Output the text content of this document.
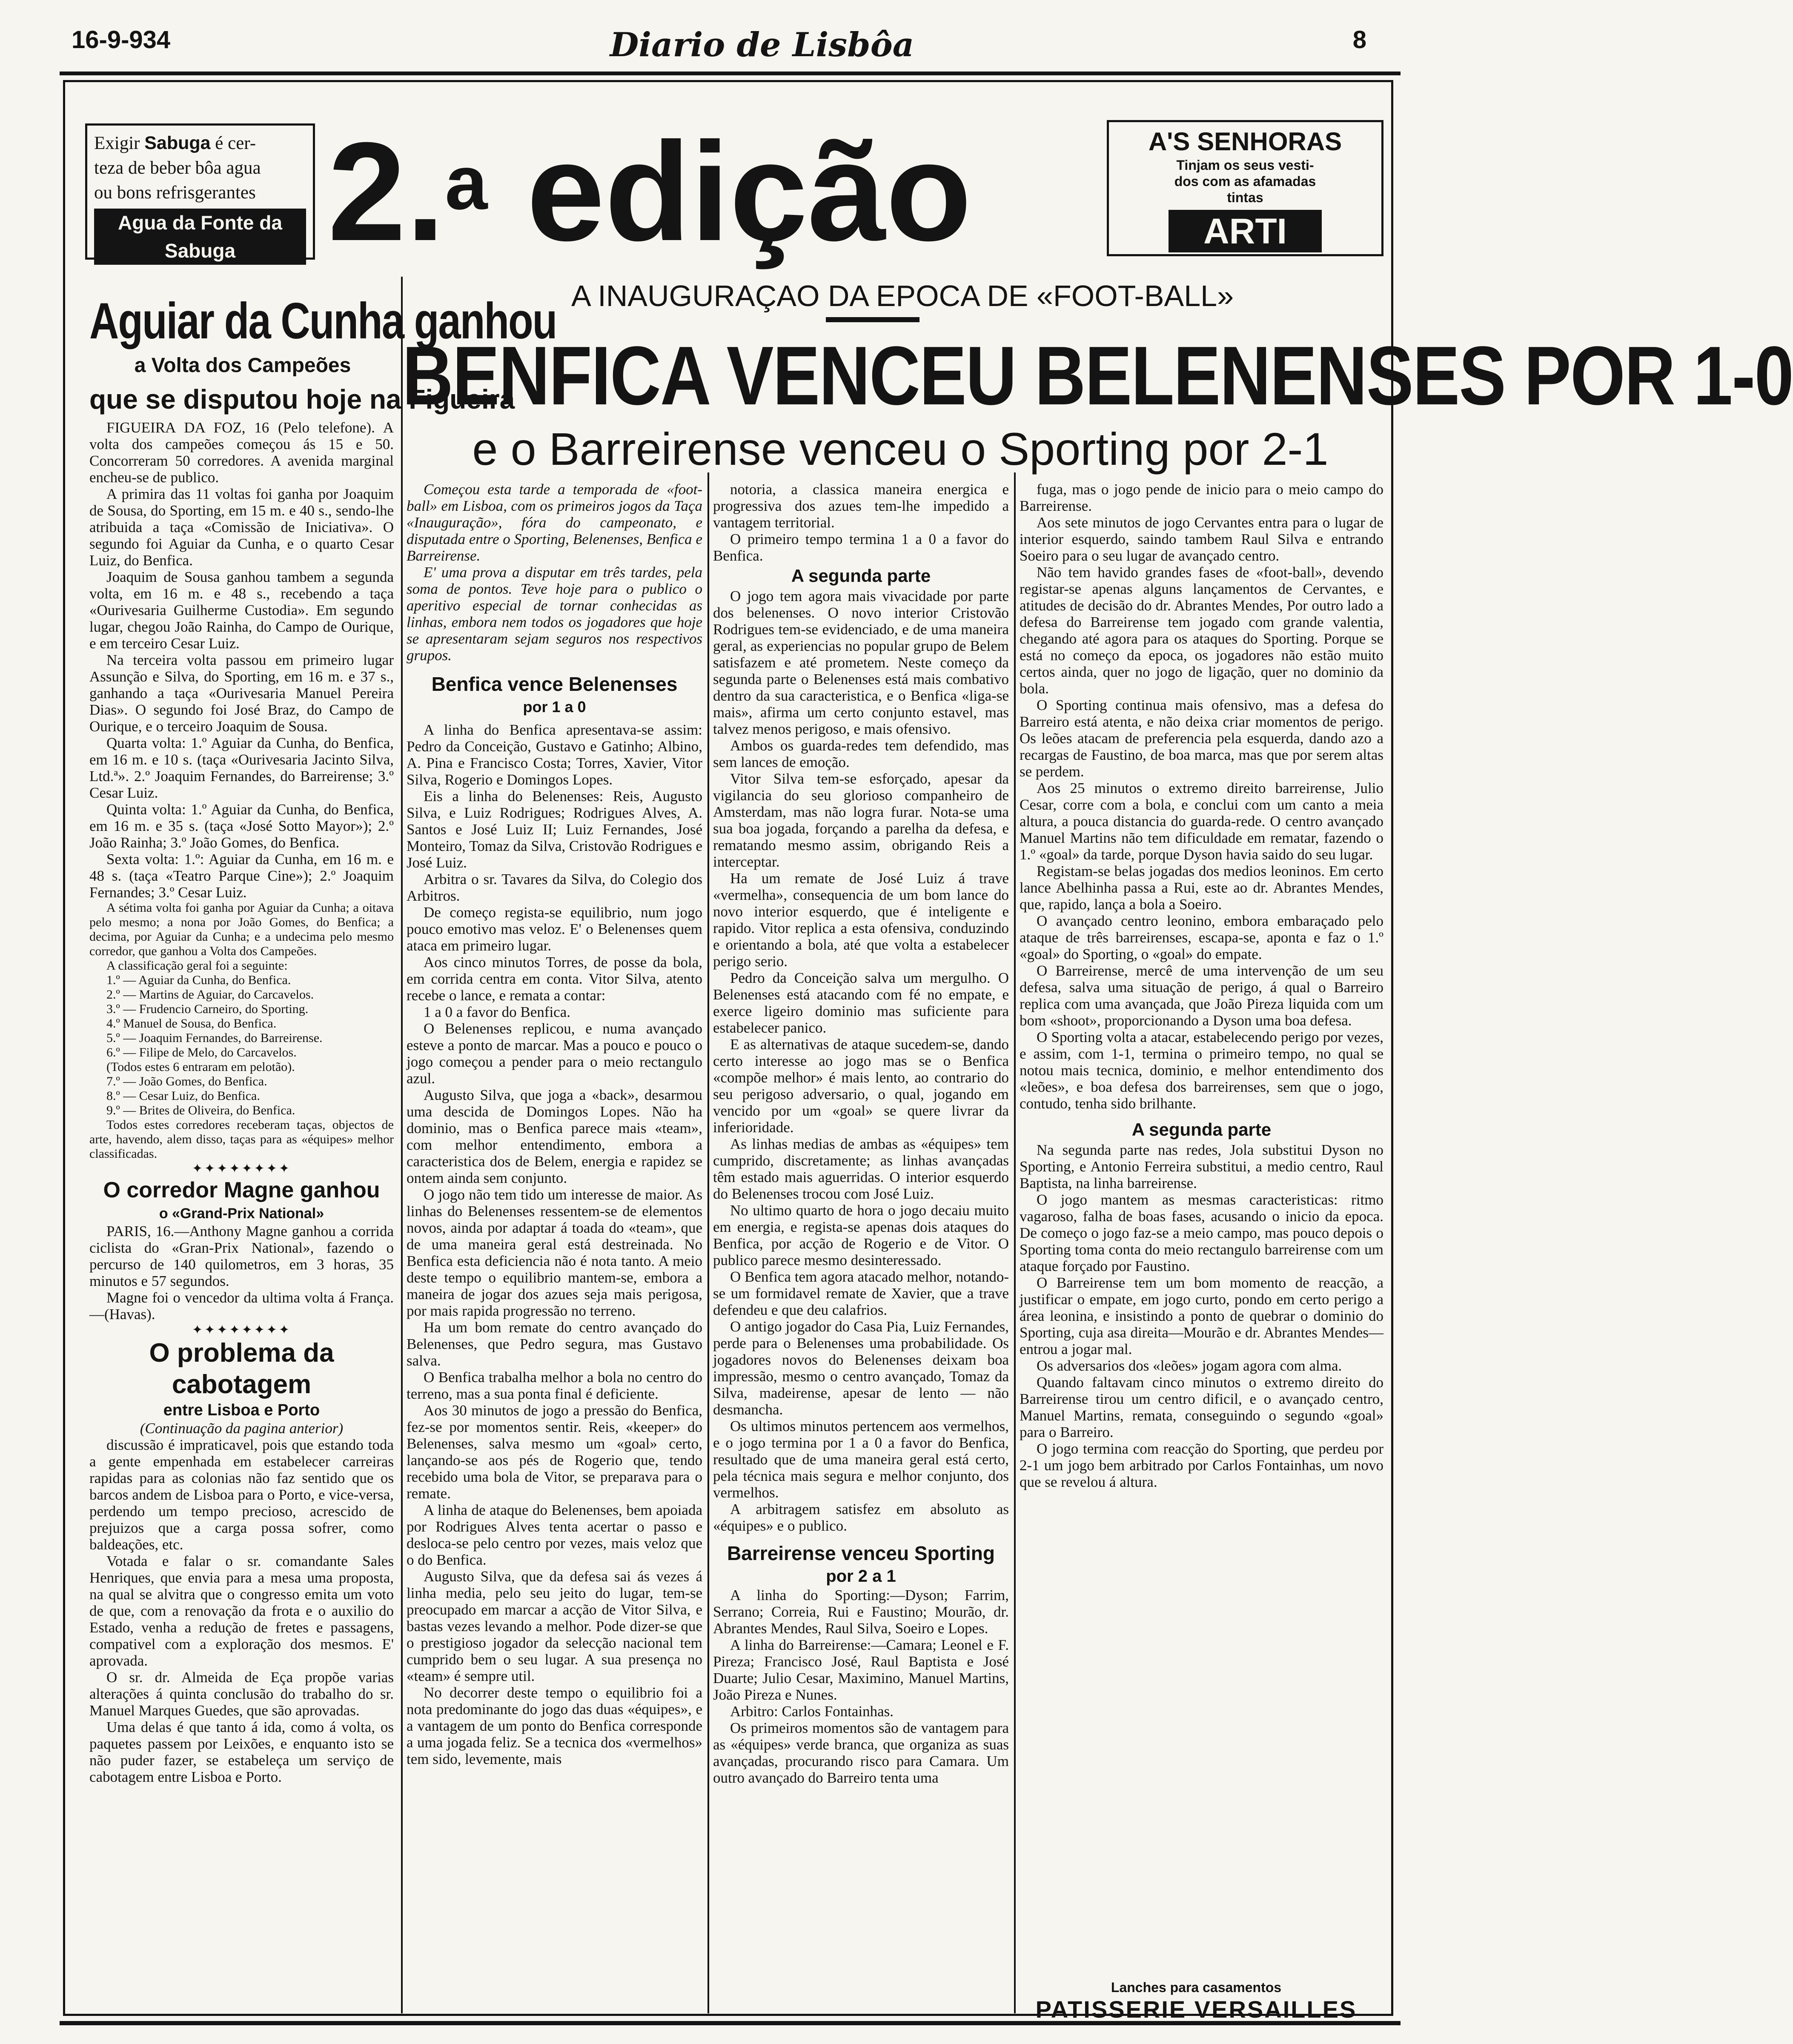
16-9-934	Diario de Lisbôa	8
Exigir Sabuga é cer-
teza de beber bôa agua
ou bons refrisgerantes
Agua da Fonte da Sabuga 2.$^a$ edição	A'S SENHORAS
Tinjam os seus vesti-
dos com as afamadas
tintas
ARTI
A INAUGURAÇAO DA EPOCA DE «FOOT-BALL»
BENFICA VENCEU BELENENSES POR 1-0
e o Barreirense venceu o Sporting por 2-1
Aguiar da Cunha ganhou
a Volta dos Campeões
que se disputou hoje na Figueira

FIGUEIRA DA FOZ, 16 (Pelo telefone). A volta dos campeões começou ás 15 e 50. Concorreram 50 corredores. A avenida marginal encheu-se de publico.

A primira das 11 voltas foi ganha por Joaquim de Sousa, do Sporting, em 15 m. e 40 s., sendo-lhe atribuida a taça «Comissão de Iniciativa». O segundo foi Aguiar da Cunha, e o quarto Cesar Luiz, do Benfica.

Joaquim de Sousa ganhou tambem a segunda volta, em 16 m. e 48 s., recebendo a taça «Ourivesaria Guilherme Custodia». Em segundo lugar, chegou João Rainha, do Campo de Ourique, e em terceiro Cesar Luiz.

Na terceira volta passou em primeiro lugar Assunção e Silva, do Sporting, em 16 m. e 37 s., ganhando a taça «Ourivesaria Manuel Pereira Dias». O segundo foi José Braz, do Campo de Ourique, e o terceiro Joaquim de Sousa.

Quarta volta: 1.º Aguiar da Cunha, do Benfica, em 16 m. e 10 s. (taça «Ourivesaria Jacinto Silva, Ltd.ª». 2.º Joaquim Fernandes, do Barreirense; 3.º Cesar Luiz.

Quinta volta: 1.º Aguiar da Cunha, do Benfica, em 16 m. e 35 s. (taça «José Sotto Mayor»); 2.º João Rainha; 3.º João Gomes, do Benfica.

Sexta volta: 1.º: Aguiar da Cunha, em 16 m. e 48 s. (taça «Teatro Parque Cine»); 2.º Joaquim Fernandes; 3.º Cesar Luiz.

A sétima volta foi ganha por Aguiar da Cunha; a oitava pelo mesmo; a nona por João Gomes, do Benfica; a decima, por Aguiar da Cunha; e a undecima pelo mesmo corredor, que ganhou a Volta dos Campeões.

A classificação geral foi a seguinte:

1.º — Aguiar da Cunha, do Benfica.

2.º — Martins de Aguiar, do Carcavelos.

3.º — Frudencio Carneiro, do Sporting.

4.º Manuel de Sousa, do Benfica.

5.º — Joaquim Fernandes, do Barreirense.

6.º — Filipe de Melo, do Carcavelos.

(Todos estes 6 entraram em pelotão).

7.º — João Gomes, do Benfica.

8.º — Cesar Luiz, do Benfica.

9.º — Brites de Oliveira, do Benfica.

Todos estes corredores receberam taças, objectos de arte, havendo, alem disso, taças para as «équipes» melhor classificadas.

✦✦✦✦✦✦✦✦
O corredor Magne ganhou
o «Grand-Prix National»

PARIS, 16.—Anthony Magne ganhou a corrida ciclista do «Gran-Prix National», fazendo o percurso de 140 quilometros, em 3 horas, 35 minutos e 57 segundos.

Magne foi o vencedor da ultima volta á França.—(Havas).

✦✦✦✦✦✦✦✦
O problema da cabotagem
entre Lisboa e Porto

(Continuação da pagina anterior)

discussão é impraticavel, pois que estando toda a gente empenhada em estabelecer carreiras rapidas para as colonias não faz sentido que os barcos andem de Lisboa para o Porto, e vice-versa, perdendo um tempo precioso, acrescido de prejuizos que a carga possa sofrer, como baldeações, etc.

Votada e falar o sr. comandante Sales Henriques, que envia para a mesa uma proposta, na qual se alvitra que o congresso emita um voto de que, com a renovação da frota e o auxilio do Estado, venha a redução de fretes e passagens, compativel com a exploração dos mesmos. E' aprovada.

O sr. dr. Almeida de Eça propõe varias alterações á quinta conclusão do trabalho do sr. Manuel Marques Guedes, que são aprovadas.

Uma delas é que tanto á ida, como á volta, os paquetes passem por Leixões, e enquanto isto se não puder fazer, se estabeleça um serviço de cabotagem entre Lisboa e Porto.

Começou esta tarde a temporada de «foot-ball» em Lisboa, com os primeiros jogos da Taça «Inauguração», fóra do campeonato, e disputada entre o Sporting, Belenenses, Benfica e Barreirense.

E' uma prova a disputar em três tardes, pela soma de pontos. Teve hoje para o publico o aperitivo especial de tornar conhecidas as linhas, embora nem todos os jogadores que hoje se apresentaram sejam seguros nos respectivos grupos.

Benfica vence Belenenses
por 1 a 0

A linha do Benfica apresentava-se assim: Pedro da Conceição, Gustavo e Gatinho; Albino, A. Pina e Francisco Costa; Torres, Xavier, Vitor Silva, Rogerio e Domingos Lopes.

Eis a linha do Belenenses: Reis, Augusto Silva, e Luiz Rodrigues; Rodrigues Alves, A. Santos e José Luiz II; Luiz Fernandes, José Monteiro, Tomaz da Silva, Cristovão Rodrigues e José Luiz.

Arbitra o sr. Tavares da Silva, do Colegio dos Arbitros.

De começo regista-se equilibrio, num jogo pouco emotivo mas veloz. E' o Belenenses quem ataca em primeiro lugar.

Aos cinco minutos Torres, de posse da bola, em corrida centra em conta. Vitor Silva, atento recebe o lance, e remata a contar:

1 a 0 a favor do Benfica.

O Belenenses replicou, e numa avançado esteve a ponto de marcar. Mas a pouco e pouco o jogo começou a pender para o meio rectangulo azul.

Augusto Silva, que joga a «back», desarmou uma descida de Domingos Lopes. Não ha dominio, mas o Benfica parece mais «team», com melhor entendimento, embora a caracteristica dos de Belem, energia e rapidez se ontem ainda sem conjunto.

O jogo não tem tido um interesse de maior. As linhas do Belenenses ressentem-se de elementos novos, ainda por adaptar á toada do «team», que de uma maneira geral está destreinada. No Benfica esta deficiencia não é nota tanto. A meio deste tempo o equilibrio mantem-se, embora a maneira de jogar dos azues seja mais perigosa, por mais rapida progressão no terreno.

Ha um bom remate do centro avançado do Belenenses, que Pedro segura, mas Gustavo salva.

O Benfica trabalha melhor a bola no centro do terreno, mas a sua ponta final é deficiente.

Aos 30 minutos de jogo a pressão do Benfica, fez-se por momentos sentir. Reis, «keeper» do Belenenses, salva mesmo um «goal» certo, lançando-se aos pés de Rogerio que, tendo recebido uma bola de Vitor, se preparava para o remate.

A linha de ataque do Belenenses, bem apoiada por Rodrigues Alves tenta acertar o passo e desloca-se pelo centro por vezes, mais veloz que o do Benfica.

Augusto Silva, que da defesa sai ás vezes á linha media, pelo seu jeito do lugar, tem-se preocupado em marcar a acção de Vitor Silva, e bastas vezes levando a melhor. Pode dizer-se que o prestigioso jogador da selecção nacional tem cumprido bem o seu lugar. A sua presença no «team» é sempre util.

No decorrer deste tempo o equilibrio foi a nota predominante do jogo das duas «équipes», e a vantagem de um ponto do Benfica corresponde a uma jogada feliz. Se a tecnica dos «vermelhos» tem sido, levemente, mais

notoria, a classica maneira energica e progressiva dos azues tem-lhe impedido a vantagem territorial.

O primeiro tempo termina 1 a 0 a favor do Benfica.

A segunda parte

O jogo tem agora mais vivacidade por parte dos belenenses. O novo interior Cristovão Rodrigues tem-se evidenciado, e de uma maneira geral, as experiencias no popular grupo de Belem satisfazem e até prometem. Neste começo da segunda parte o Belenenses está mais combativo dentro da sua caracteristica, e o Benfica «liga-se mais», afirma um certo conjunto estavel, mas talvez menos perigoso, e mais ofensivo.

Ambos os guarda-redes tem defendido, mas sem lances de emoção.

Vitor Silva tem-se esforçado, apesar da vigilancia do seu glorioso companheiro de Amsterdam, mas não logra furar. Nota-se uma sua boa jogada, forçando a parelha da defesa, e rematando mesmo assim, obrigando Reis a interceptar.

Ha um remate de José Luiz á trave «vermelha», consequencia de um bom lance do novo interior esquerdo, que é inteligente e rapido. Vitor replica a esta ofensiva, conduzindo e orientando a bola, até que volta a estabelecer perigo serio.

Pedro da Conceição salva um mergulho. O Belenenses está atacando com fé no empate, e exerce ligeiro dominio mas suficiente para estabelecer panico.

E as alternativas de ataque sucedem-se, dando certo interesse ao jogo mas se o Benfica «compõe melhor» é mais lento, ao contrario do seu perigoso adversario, o qual, jogando em vencido por um «goal» se quere livrar da inferioridade.

As linhas medias de ambas as «équipes» tem cumprido, discretamente; as linhas avançadas têm estado mais aguerridas. O interior esquerdo do Belenenses trocou com José Luiz.

No ultimo quarto de hora o jogo decaiu muito em energia, e regista-se apenas dois ataques do Benfica, por acção de Rogerio e de Vitor. O publico parece mesmo desinteressado.

O Benfica tem agora atacado melhor, notando-se um formidavel remate de Xavier, que a trave defendeu e que deu calafrios.

O antigo jogador do Casa Pia, Luiz Fernandes, perde para o Belenenses uma probabilidade. Os jogadores novos do Belenenses deixam boa impressão, mesmo o centro avançado, Tomaz da Silva, madeirense, apesar de lento — não desmancha.

Os ultimos minutos pertencem aos vermelhos, e o jogo termina por 1 a 0 a favor do Benfica, resultado que de uma maneira geral está certo, pela técnica mais segura e melhor conjunto, dos vermelhos.

A arbitragem satisfez em absoluto as «équipes» e o publico.

Barreirense venceu Sporting
por 2 a 1

A linha do Sporting:—Dyson; Farrim, Serrano; Correia, Rui e Faustino; Mourão, dr. Abrantes Mendes, Raul Silva, Soeiro e Lopes.

A linha do Barreirense:—Camara; Leonel e F. Pireza; Francisco José, Raul Baptista e José Duarte; Julio Cesar, Maximino, Manuel Martins, João Pireza e Nunes.

Arbitro: Carlos Fontainhas.

Os primeiros momentos são de vantagem para as «équipes» verde branca, que organiza as suas avançadas, procurando risco para Camara. Um outro avançado do Barreiro tenta uma

fuga, mas o jogo pende de inicio para o meio campo do Barreirense.

Aos sete minutos de jogo Cervantes entra para o lugar de interior esquerdo, saindo tambem Raul Silva e entrando Soeiro para o seu lugar de avançado centro.

Não tem havido grandes fases de «foot-ball», devendo registar-se apenas alguns lançamentos de Cervantes, e atitudes de decisão do dr. Abrantes Mendes, Por outro lado a defesa do Barreirense tem jogado com grande valentia, chegando até agora para os ataques do Sporting. Porque se está no começo da epoca, os jogadores não estão muito certos ainda, quer no jogo de ligação, quer no dominio da bola.

O Sporting continua mais ofensivo, mas a defesa do Barreiro está atenta, e não deixa criar momentos de perigo. Os leões atacam de preferencia pela esquerda, dando azo a recargas de Faustino, de boa marca, mas que por serem altas se perdem.

Aos 25 minutos o extremo direito barreirense, Julio Cesar, corre com a bola, e conclui com um canto a meia altura, a pouca distancia do guarda-rede. O centro avançado Manuel Martins não tem dificuldade em rematar, fazendo o 1.º «goal» da tarde, porque Dyson havia saido do seu lugar.

Registam-se belas jogadas dos medios leoninos. Em certo lance Abelhinha passa a Rui, este ao dr. Abrantes Mendes, que, rapido, lança a bola a Soeiro.

O avançado centro leonino, embora embaraçado pelo ataque de três barreirenses, escapa-se, aponta e faz o 1.º «goal» do Sporting, o «goal» do empate.

O Barreirense, mercê de uma intervenção de um seu defesa, salva uma situação de perigo, á qual o Barreiro replica com uma avançada, que João Pireza liquida com um bom «shoot», proporcionando a Dyson uma boa defesa.

O Sporting volta a atacar, estabelecendo perigo por vezes, e assim, com 1-1, termina o primeiro tempo, no qual se notou mais tecnica, dominio, e melhor entendimento dos «leões», e boa defesa dos barreirenses, sem que o jogo, contudo, tenha sido brilhante.

A segunda parte

Na segunda parte nas redes, Jola substitui Dyson no Sporting, e Antonio Ferreira substitui, a medio centro, Raul Baptista, na linha barreirense.

O jogo mantem as mesmas caracteristicas: ritmo vagaroso, falha de boas fases, acusando o inicio da epoca. De começo o jogo faz-se a meio campo, mas pouco depois o Sporting toma conta do meio rectangulo barreirense com um ataque forçado por Faustino.

O Barreirense tem um bom momento de reacção, a justificar o empate, em jogo curto, pondo em certo perigo a área leonina, e insistindo a ponto de quebrar o dominio do Sporting, cuja asa direita—Mourão e dr. Abrantes Mendes—entrou a jogar mal.

Os adversarios dos «leões» jogam agora com alma.

Quando faltavam cinco minutos o extremo direito do Barreirense tirou um centro dificil, e o avançado centro, Manuel Martins, remata, conseguindo o segundo «goal» para o Barreiro.

O jogo termina com reacção do Sporting, que perdeu por 2-1 um jogo bem arbitrado por Carlos Fontainhas, um novo que se revelou á altura.

Lanches para casamentos
PATISSERIE VERSAILLES
